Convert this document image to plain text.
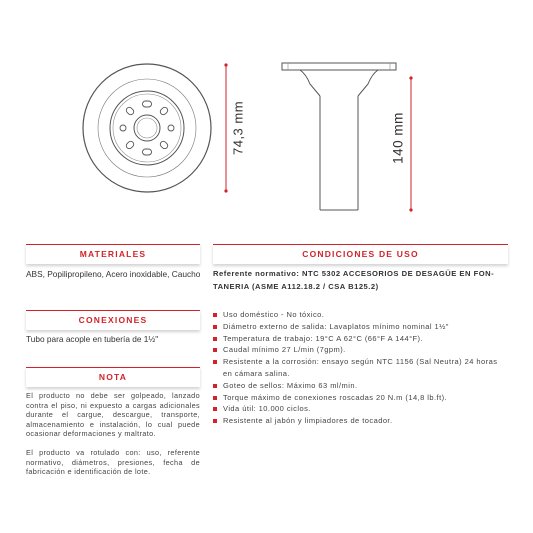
74,3 mm	140 mm
MATERIALES
ABS, Popilipropileno, Acero inoxidable, Caucho
CONEXIONES
Tubo para acople en tubería de 1½"
NOTA
El producto no debe ser golpeado, lanzado contra el piso, ni expuesto a cargas adicionales durante el cargue, descargue, transporte, almacenamiento e instalación, lo cual puede ocasionar deformaciones y maltrato.
El producto va rotulado con: uso, referente normativo, diámetros, presiones, fecha de fabricación e identificación de lote.
CONDICIONES DE USO
Referente normativo: NTC 5302 ACCESORIOS DE DESAGÜE EN FON-
TANERIA (ASME A112.18.2 / CSA B125.2)
Uso doméstico - No tóxico.
Diámetro externo de salida: Lavaplatos mínimo nominal 1½"
Temperatura de trabajo: 19°C A 62°C (66°F A 144°F).
Caudal mínimo 27 L/min (7gpm).
Resistente a la corrosión: ensayo según NTC 1156 (Sal Neutra) 24 horas en cámara salina.
Goteo de sellos: Máximo 63 ml/min.
Torque máximo de conexiones roscadas 20 N.m (14,8 lb.ft).
Vida útil: 10.000 ciclos.
Resistente al jabón y limpiadores de tocador.
